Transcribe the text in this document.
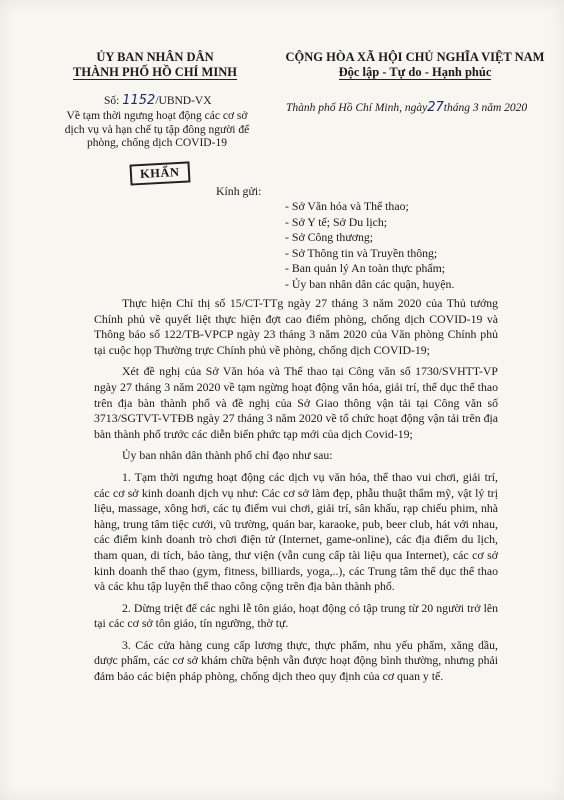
ỦY BAN NHÂN DÂN
THÀNH PHỐ HỒ CHÍ MINH
Số: 1152/UBND-VX
Về tạm thời ngưng hoạt động các cơ sở
dịch vụ và hạn chế tụ tập đông người để
phòng, chống dịch COVID-19
KHẨN
CỘNG HÒA XÃ HỘI CHỦ NGHĨA VIỆT NAM
Độc lập - Tự do - Hạnh phúc
Thành phố Hồ Chí Minh, ngày27tháng 3 năm 2020
Kính gửi:
- Sở Văn hóa và Thể thao;
- Sở Y tế; Sở Du lịch;
- Sở Công thương;
- Sở Thông tin và Truyền thông;
- Ban quản lý An toàn thực phẩm;
- Ủy ban nhân dân các quận, huyện.

Thực hiện Chỉ thị số 15/CT-TTg ngày 27 tháng 3 năm 2020 của Thủ tướng Chính phủ về quyết liệt thực hiện đợt cao điểm phòng, chống dịch COVID-19 và Thông báo số 122/TB-VPCP ngày 23 tháng 3 năm 2020 của Văn phòng Chính phủ tại cuộc họp Thường trực Chính phủ về phòng, chống dịch COVID-19;

Xét đề nghị của Sở Văn hóa và Thể thao tại Công văn số 1730/SVHTT-VP ngày 27 tháng 3 năm 2020 về tạm ngừng hoạt động văn hóa, giải trí, thể dục thể thao trên địa bàn thành phố và đề nghị của Sở Giao thông vận tải tại Công văn số 3713/SGTVT-VTĐB ngày 27 tháng 3 năm 2020 về tổ chức hoạt động vận tải trên địa bàn thành phố trước các diễn biến phức tạp mới của dịch Covid-19;

Ủy ban nhân dân thành phố chỉ đạo như sau:

1. Tạm thời ngưng hoạt động các dịch vụ văn hóa, thể thao vui chơi, giải trí, các cơ sở kinh doanh dịch vụ như: Các cơ sở làm đẹp, phẫu thuật thẩm mỹ, vật lý trị liệu, massage, xông hơi, các tụ điểm vui chơi, giải trí, sân khấu, rạp chiếu phim, nhà hàng, trung tâm tiệc cưới, vũ trường, quán bar, karaoke, pub, beer club, hát với nhau, các điểm kinh doanh trò chơi điện tử (Internet, game-online), các địa điểm du lịch, tham quan, di tích, bảo tàng, thư viện (vẫn cung cấp tài liệu qua Internet), các cơ sở kinh doanh thể thao (gym, fitness, billiards, yoga,..), các Trung tâm thể dục thể thao và các khu tập luyện thể thao công cộng trên địa bàn thành phố.

2. Dừng triệt để các nghi lễ tôn giáo, hoạt động có tập trung từ 20 người trở lên tại các cơ sở tôn giáo, tín ngưỡng, thờ tự.

3. Các cửa hàng cung cấp lương thực, thực phẩm, nhu yếu phẩm, xăng dầu, dược phẩm, các cơ sở khám chữa bệnh vẫn được hoạt động bình thường, nhưng phải đảm bảo các biện pháp phòng, chống dịch theo quy định của cơ quan y tế.
